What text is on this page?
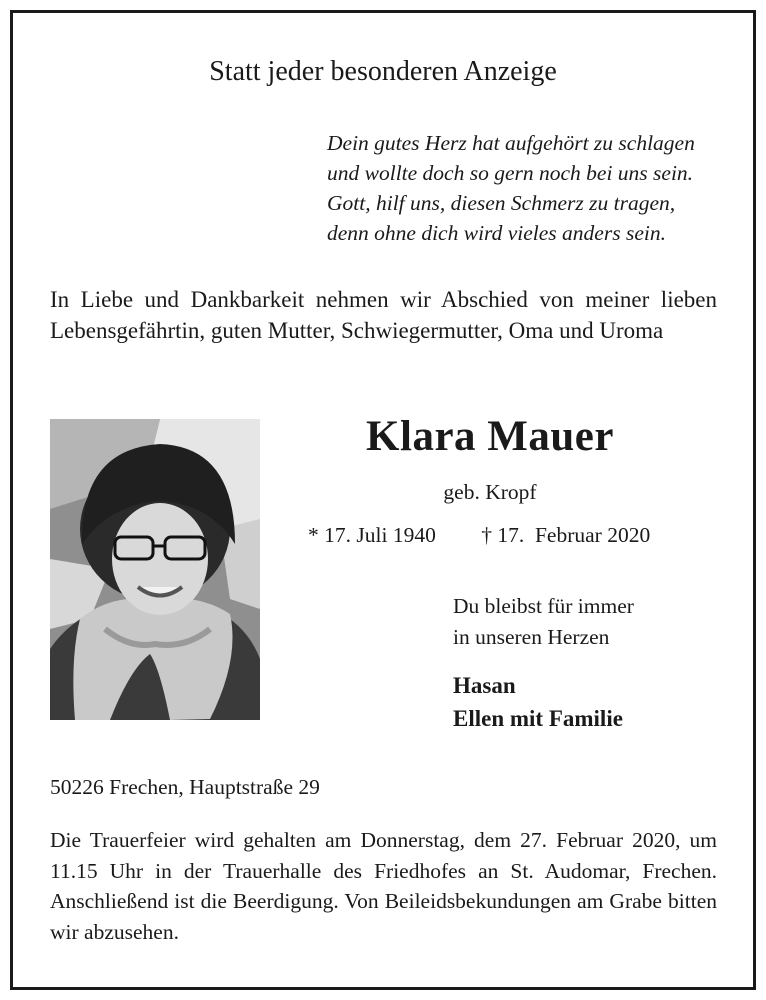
Statt jeder besonderen Anzeige
Dein gutes Herz hat aufgehört zu schlagen
und wollte doch so gern noch bei uns sein.
Gott, hilf uns, diesen Schmerz zu tragen,
denn ohne dich wird vieles anders sein.
In Liebe und Dankbarkeit nehmen wir Abschied von meiner lieben Lebensgefährtin, guten Mutter, Schwiegermutter, Oma und Uroma
Klara Mauer
geb. Kropf
* 17. Juli 1940 † 17.  Februar 2020
Du bleibst für immer
in unseren Herzen
Hasan
Ellen mit Familie
50226 Frechen, Hauptstraße 29
Die Trauerfeier wird gehalten am Donnerstag, dem 27. Februar 2020, um 11.15 Uhr in der Trauerhalle des Friedhofes an St. Audomar, Frechen. Anschließend ist die Beerdigung. Von Beileidsbekundungen am Grabe bitten wir abzusehen.
